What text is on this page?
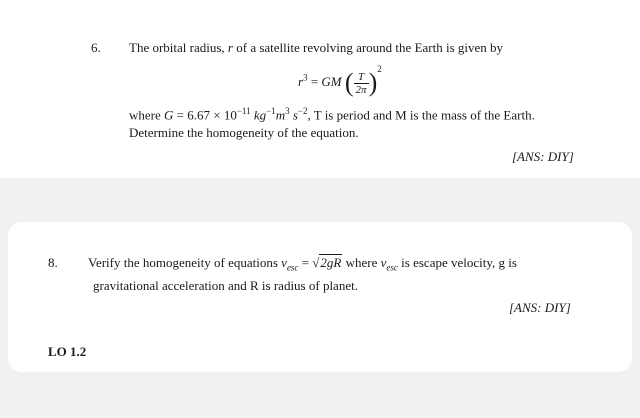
6. The orbital radius, r of a satellite revolving around the Earth is given by
$r^3$ = GM ( $\frac{T}{2\pi} )^2$
where $G = 6.67 \times 10^{-11}$ $kg^{-1}m^3$ $s^{-2}$, T is period and M is the mass of the Earth.
Determine the homogeneity of the equation.
[ANS: DIY]
8. Verify the homogeneity of equations $v_{esc} = √2gR$ where $v_{esc}$ is escape velocity, g is
gravitational acceleration and R is radius of planet.
[ANS: DIY]
LO 1.2
